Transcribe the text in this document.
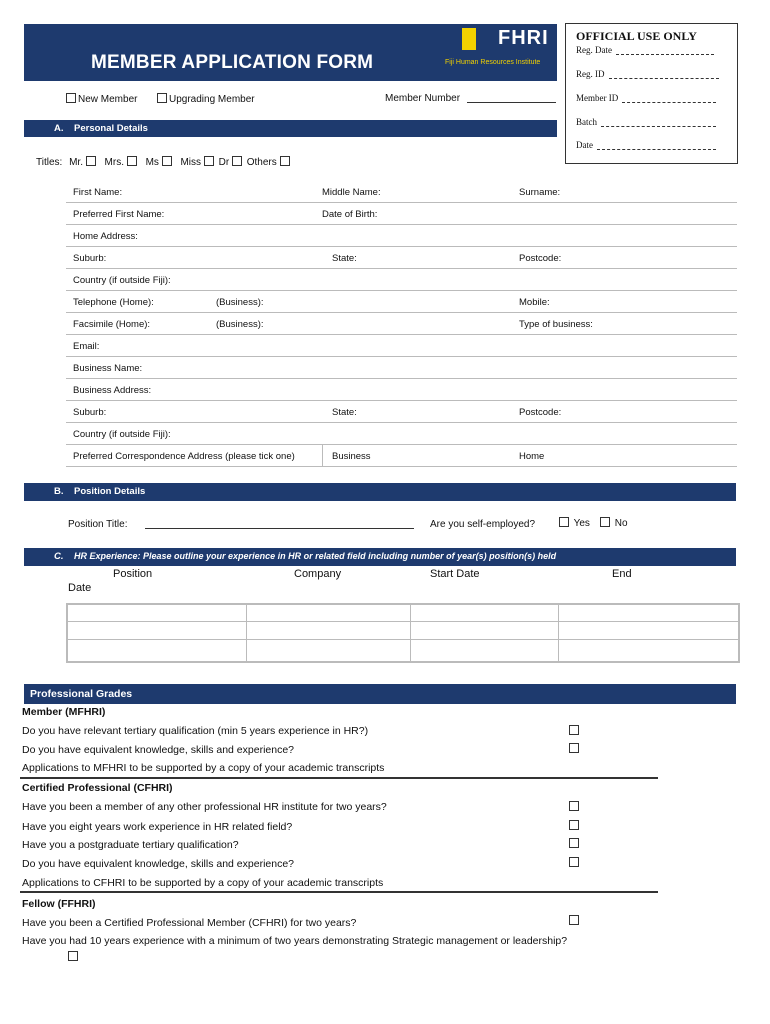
MEMBER APPLICATION FORM
FHRI
Fiji Human Resources Institute
OFFICIAL USE ONLY
Reg. Date
Reg. ID
Member ID
Batch
Date
New Member	Upgrading Member	Member Number
A. Personal Details
Titles: Mr. Mrs. Ms Miss Dr Others
First Name:	Middle Name:	Surname:
Preferred First Name:	Date of Birth:
Home Address:
Suburb:	State:	Postcode:
Country (if outside Fiji):
Telephone (Home):	(Business):	Mobile:
Facsimile (Home):	(Business):	Type of business:
Email:
Business Name:
Business Address:
Suburb:	State:	Postcode:
Country (if outside Fiji):
Preferred Correspondence Address (please tick one)	Business	Home
B. Position Details
Position Title:	Are you self-employed?	Yes	No
C. HR Experience: Please outline your experience in HR or related field including number of year(s) position(s) held
Position	Company	Start Date	End
Date
Professional Grades
Member (MFHRI)
Do you have relevant tertiary qualification (min 5 years experience in HR?)
Do you have equivalent knowledge, skills and experience?
Applications to MFHRI to be supported by a copy of your academic transcripts
Certified Professional (CFHRI)
Have you been a member of any other professional HR institute for two years?
Have you eight years work experience in HR related field?
Have you a postgraduate tertiary qualification?
Do you have equivalent knowledge, skills and experience?
Applications to CFHRI to be supported by a copy of your academic transcripts
Fellow (FFHRI)
Have you been a Certified Professional Member (CFHRI) for two years?
Have you had 10 years experience with a minimum of two years demonstrating Strategic management or leadership?
